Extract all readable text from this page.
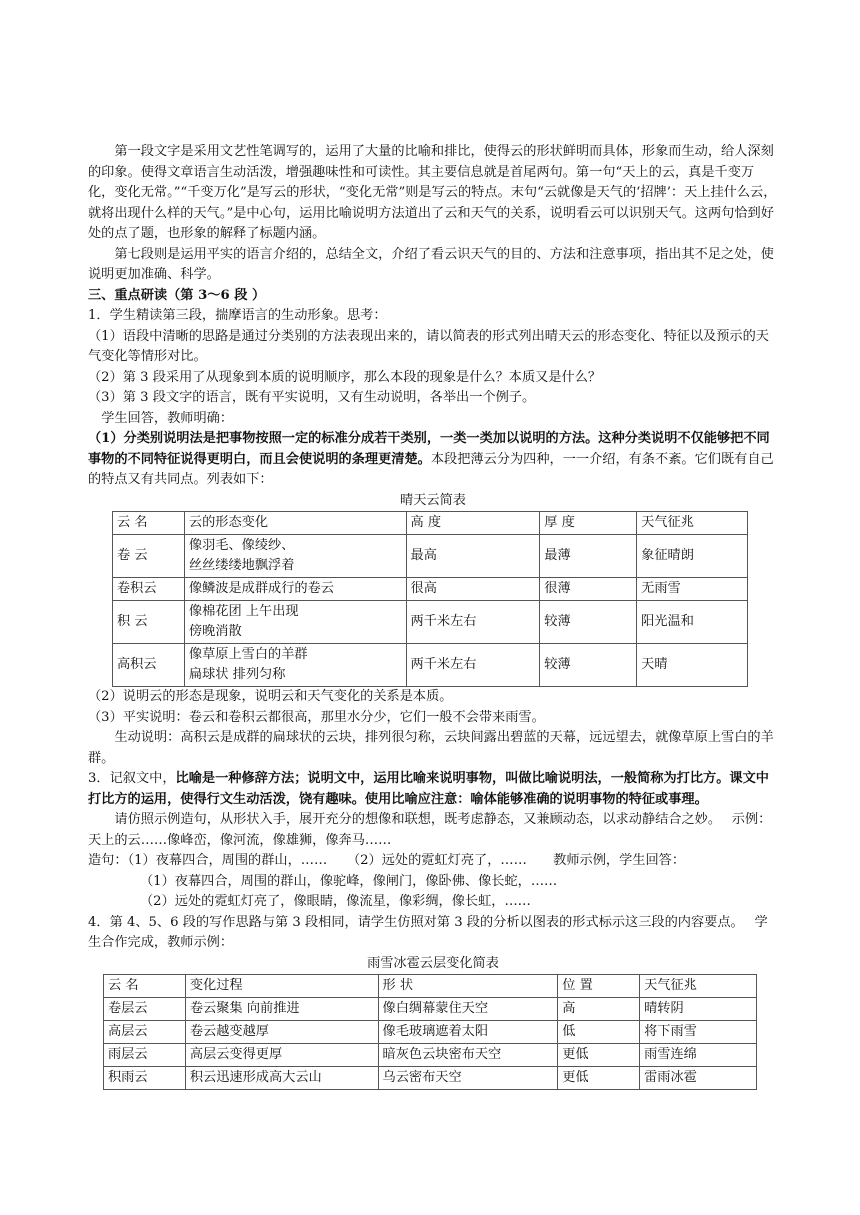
第一段文字是采用文艺性笔调写的，运用了大量的比喻和排比，使得云的形状鲜明而具体，形象而生动，给人深刻的印象。使得文章语言生动活泼，增强趣味性和可读性。其主要信息就是首尾两句。第一句“天上的云，真是千变万化，变化无常。”“千变万化”是写云的形状，“变化无常”则是写云的特点。末句“云就像是天气的‘招牌’：天上挂什么云，就将出现什么样的天气。”是中心句，运用比喻说明方法道出了云和天气的关系，说明看云可以识别天气。这两句恰到好处的点了题，也形象的解释了标题内涵。

第七段则是运用平实的语言介绍的，总结全文，介绍了看云识天气的目的、方法和注意事项，指出其不足之处，使说明更加准确、科学。

三、重点研读（第 3～6 段 ）

1．学生精读第三段，揣摩语言的生动形象。思考：

（1）语段中清晰的思路是通过分类别的方法表现出来的，请以简表的形式列出晴天云的形态变化、特征以及预示的天气变化等情形对比。

（2）第 3 段采用了从现象到本质的说明顺序，那么本段的现象是什么？本质又是什么？

（3）第 3 段文字的语言，既有平实说明，又有生动说明，各举出一个例子。

学生回答，教师明确：

（1）分类别说明法是把事物按照一定的标准分成若干类别，一类一类加以说明的方法。这种分类说明不仅能够把不同事物的不同特征说得更明白，而且会使说明的条理更清楚。本段把薄云分为四种，一一介绍，有条不紊。它们既有自己的特点又有共同点。列表如下：

晴天云简表

云 名	云的形态变化	高 度	厚 度	天气征兆
卷 云	像羽毛、像绫纱、
丝丝缕缕地飘浮着	最高	最薄	象征晴朗
卷积云	像鳞波是成群成行的卷云	很高	很薄	无雨雪
积 云	像棉花团 上午出现
傍晚消散	两千米左右	较薄	阳光温和
高积云	像草原上雪白的羊群
扁球状 排列匀称	两千米左右	较薄	天晴

（2）说明云的形态是现象，说明云和天气变化的关系是本质。

（3）平实说明：卷云和卷积云都很高，那里水分少，它们一般不会带来雨雪。

生动说明：高积云是成群的扁球状的云块，排列很匀称，云块间露出碧蓝的天幕，远远望去，就像草原上雪白的羊群。

3．记叙文中，比喻是一种修辞方法；说明文中，运用比喻来说明事物，叫做比喻说明法，一般简称为打比方。课文中打比方的运用，使得行文生动活泼，饶有趣味。使用比喻应注意：喻体能够准确的说明事物的特征或事理。

请仿照示例造句，从形状入手，展开充分的想像和联想，既考虑静态，又兼顾动态，以求动静结合之妙。　 示例：天上的云……像峰峦，像河流，像雄狮，像奔马……

造句：（1）夜幕四合，周围的群山，……　　（2）远处的霓虹灯亮了，……　　教师示例，学生回答：

（1）夜幕四合，周围的群山，像驼峰，像闸门，像卧佛、像长蛇，……

（2）远处的霓虹灯亮了，像眼睛，像流星，像彩绸，像长虹，……

4．第 4、5、6 段的写作思路与第 3 段相同，请学生仿照对第 3 段的分析以图表的形式标示这三段的内容要点。　 学生合作完成，教师示例：

雨雪冰雹云层变化简表

云 名	变化过程	形 状	位 置	天气征兆
卷层云	卷云聚集 向前推进	像白绸幕蒙住天空	高	晴转阴
高层云	卷云越变越厚	像毛玻璃遮着太阳	低	将下雨雪
雨层云	高层云变得更厚	暗灰色云块密布天空	更低	雨雪连绵
积雨云	积云迅速形成高大云山	乌云密布天空	更低	雷雨冰雹
